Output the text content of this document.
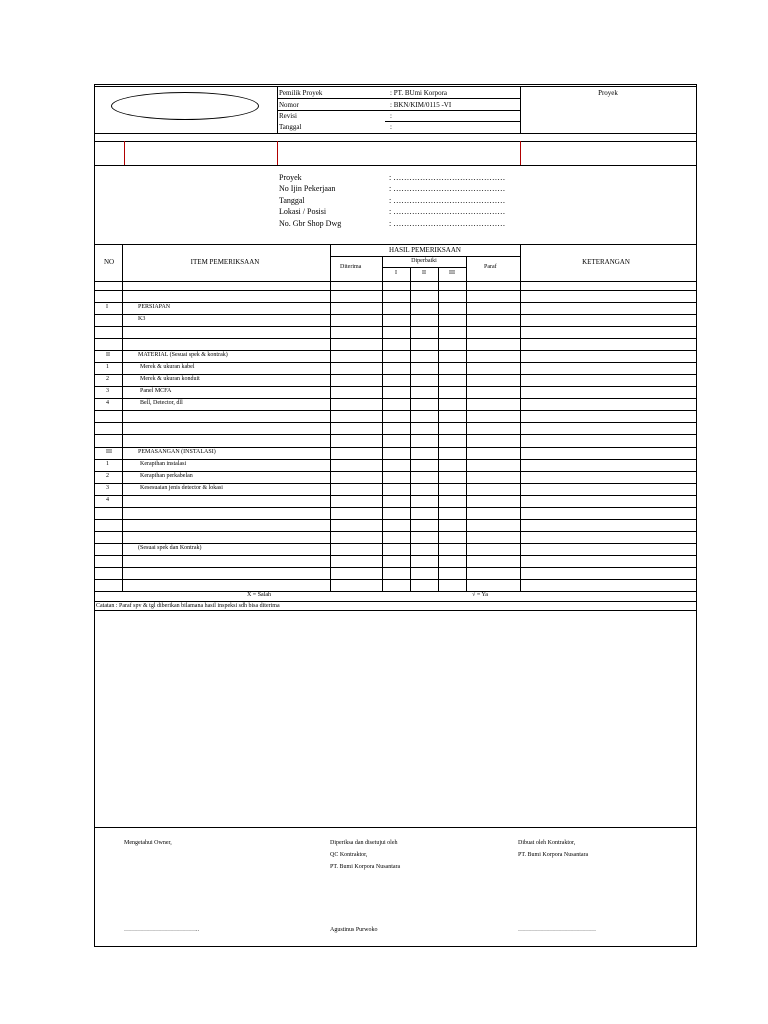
Pemilik Proyek	: PT. BUmi Korpora
Nomor	: BKN/KIM/0115 -VI
Revisi	:
Tanggal	:
Proyek
Proyek	: ……………………………………
No Ijin Pekerjaan	: ……………………………………
Tanggal	: ……………………………………
Lokasi / Posisi	: ……………………………………
No. Gbr Shop Dwg	: ……………………………………
NO	ITEM PEMERIKSAAN
HASIL PEMERIKSAAN
Diterima
Diperbaiki
I	II	III
Paraf
KETERANGAN
I	PERSIAPAN
K3
II	MATERIAL (Sesuai spek & kontrak)
1	Merek & ukuran kabel
2	Merek & ukuran konduit
3	Panel MCFA
4	Bell, Detector, dll
III	PEMASANGAN (INSTALASI)
1	Kerapihan instalasi
2	Kerapihan perkabelan
3	Kesesuaian jenis detector & lokasi
4
(Sesuai spek dan Kontrak)
X = Salah	√ = Ya
Catatan : Paraf spv & tgl diberikan bilamana hasil inspeksi sdh bisa diterima
Mengetahui Owner,	Diperiksa dan disetujui oleh
QC Kontraktor,
PT. Bumi Korpora Nusantara
Dibuat oleh Kontraktor,
PT. Bumi Korpora Nusantara
………………………………..	Agustinus Purwoko	…………………………………
